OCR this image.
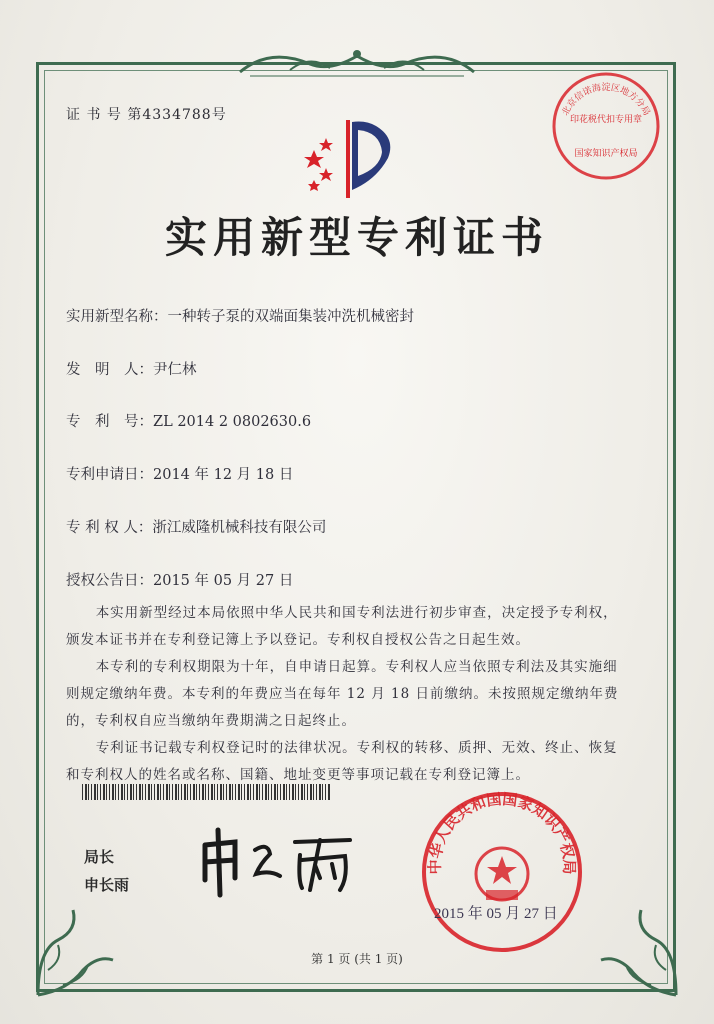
证 书 号 第4334788号
实用新型专利证书
实用新型名称：一种转子泵的双端面集装冲洗机械密封
发　明　人：尹仁林
专　利　号：ZL 2014 2 0802630.6
专利申请日：2014 年 12 月 18 日
专 利 权 人：浙江威隆机械科技有限公司
授权公告日：2015 年 05 月 27 日

本实用新型经过本局依照中华人民共和国专利法进行初步审查，决定授予专利权，颁发本证书并在专利登记簿上予以登记。专利权自授权公告之日起生效。

本专利的专利权期限为十年，自申请日起算。专利权人应当依照专利法及其实施细则规定缴纳年费。本专利的年费应当在每年 12 月 18 日前缴纳。未按照规定缴纳年费的，专利权自应当缴纳年费期满之日起终止。

专利证书记载专利权登记时的法律状况。专利权的转移、质押、无效、终止、恢复和专利权人的姓名或名称、国籍、地址变更等事项记载在专利登记簿上。

局长
申长雨
中华人民共和国国家知识产权局
2015 年 05 月 27 日
北京信诺海淀区地方分局
印花税代扣专用章
国家知识产权局
第 1 页 (共 1 页)
